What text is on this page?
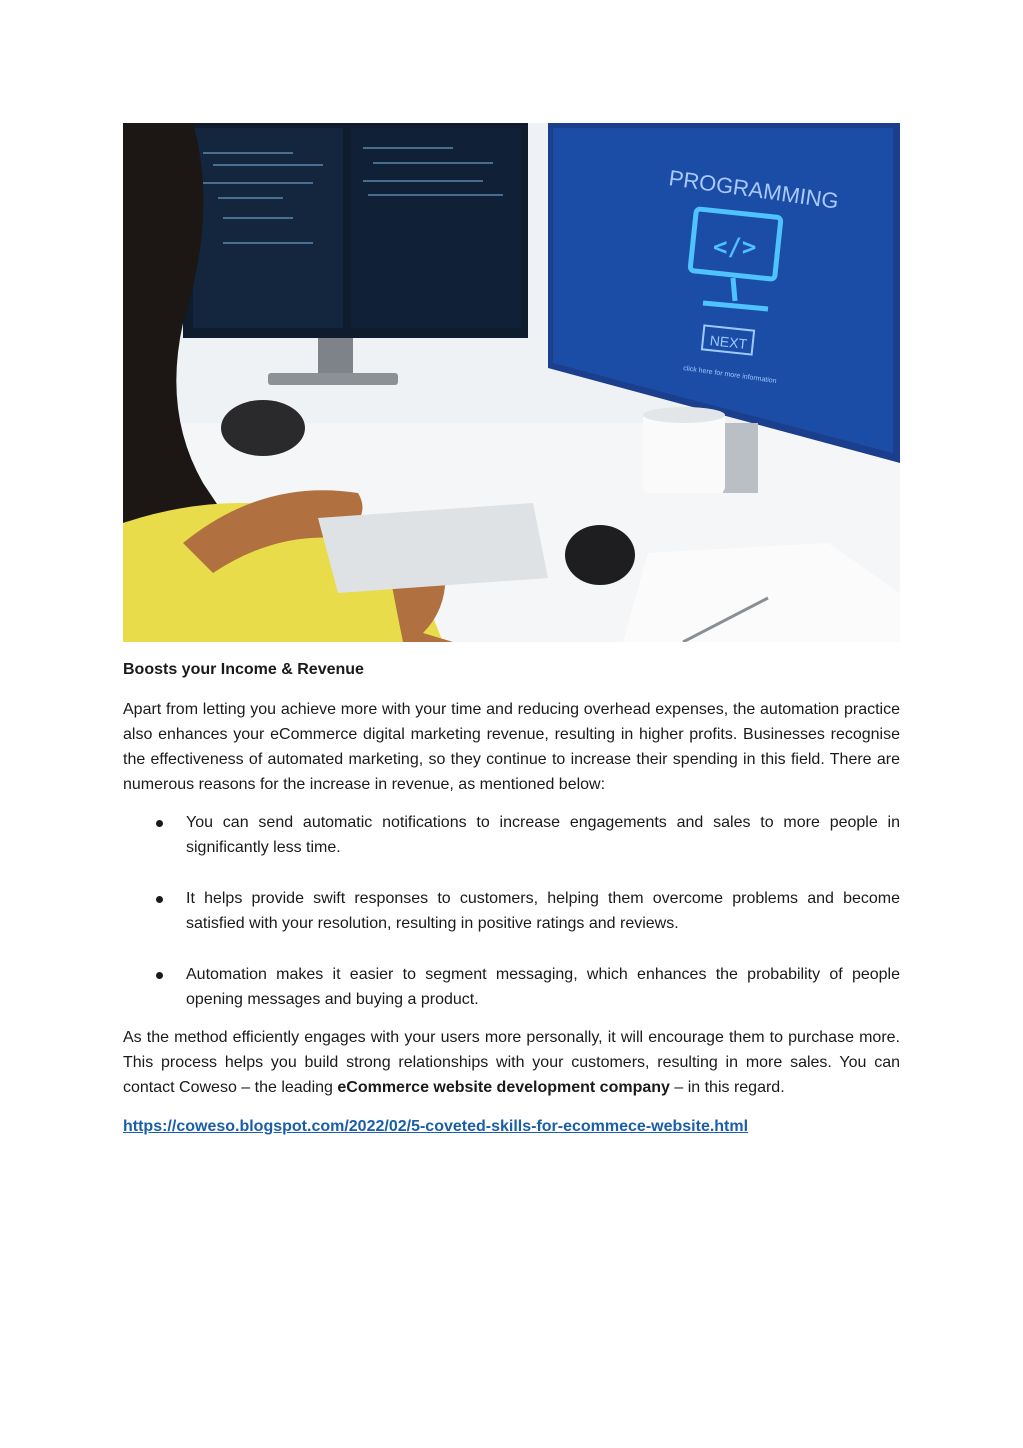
PROGRAMMING
</>
NEXT
click here for more information
Boosts your Income & Revenue
Apart from letting you achieve more with your time and reducing overhead expenses, the automation practice also enhances your eCommerce digital marketing revenue, resulting in higher profits. Businesses recognise the effectiveness of automated marketing, so they continue to increase their spending in this field. There are numerous reasons for the increase in revenue, as mentioned below:
You can send automatic notifications to increase engagements and sales to more people in significantly less time.
It helps provide swift responses to customers, helping them overcome problems and become satisfied with your resolution, resulting in positive ratings and reviews.
Automation makes it easier to segment messaging, which enhances the probability of people opening messages and buying a product.
As the method efficiently engages with your users more personally, it will encourage them to purchase more. This process helps you build strong relationships with your customers, resulting in more sales. You can contact Coweso – the leading eCommerce website development company – in this regard.
https://coweso.blogspot.com/2022/02/5-coveted-skills-for-ecommece-website.html
